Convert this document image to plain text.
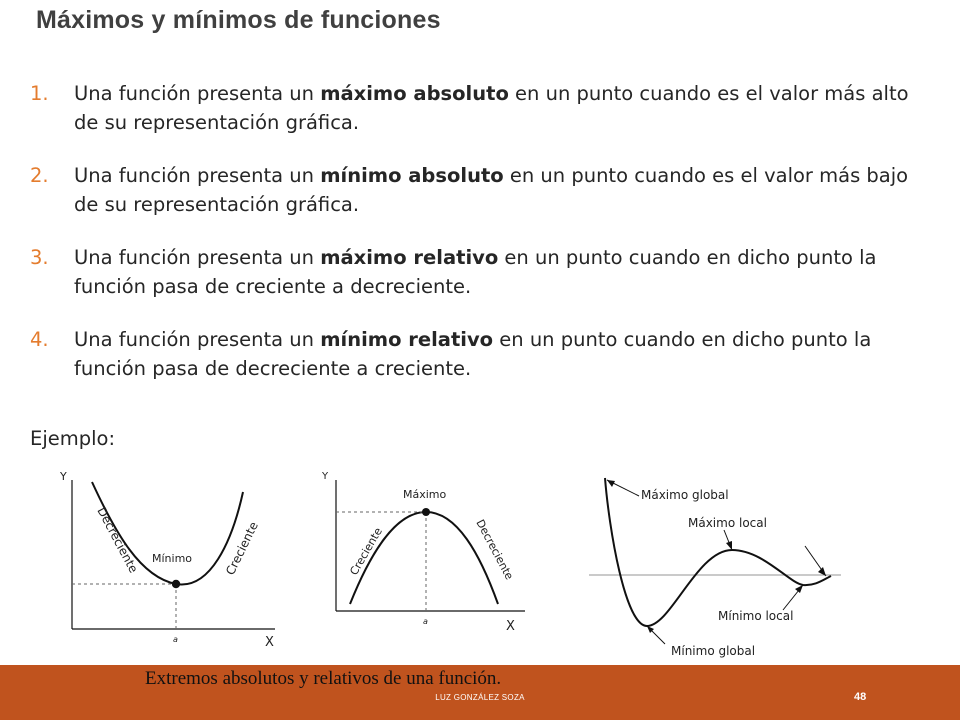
Máximos y mínimos de funciones
1. Una función presenta un máximo absoluto en un punto cuando es el valor más alto de su representación gráfica.
2. Una función presenta un mínimo absoluto en un punto cuando es el valor más bajo de su representación gráfica.
3. Una función presenta un máximo relativo en un punto cuando en dicho punto la función pasa de creciente a decreciente.
4. Una función presenta un mínimo relativo en un punto cuando en dicho punto la función pasa de decreciente a creciente.

Ejemplo:

Y
X
Mínimo
a
Decreciente	Creciente
Y
X
Máximo
a
Creciente	Decreciente
Máximo global
Máximo local
Mínimo local
Mínimo global

Extremos absolutos y relativos de una función.

LUZ GONZÁLEZ SOZA	48
